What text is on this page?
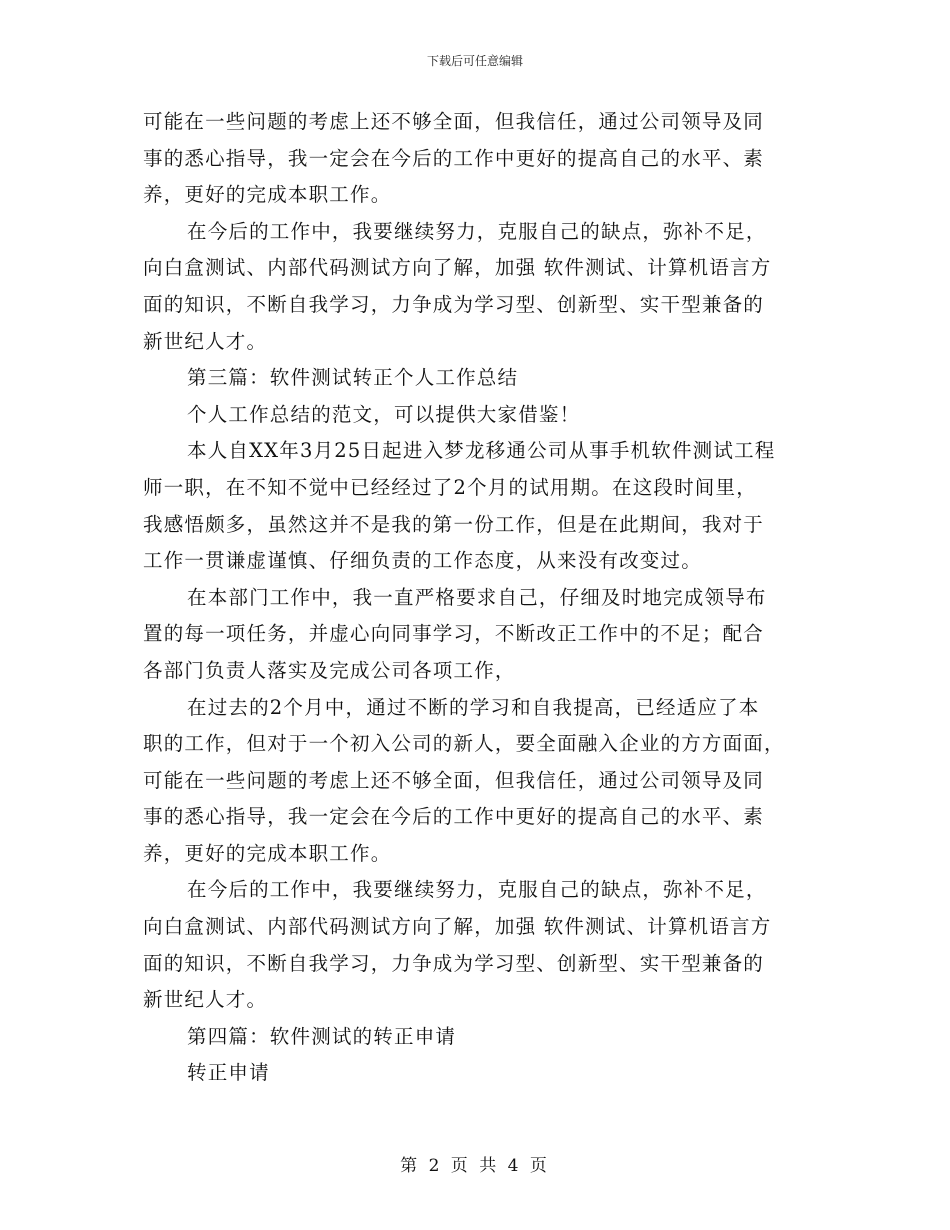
下载后可任意编辑
可能在一些问题的考虑上还不够全面，但我信任，通过公司领导及同
事的悉心指导，我一定会在今后的工作中更好的提高自己的水平、素
养，更好的完成本职工作。
在今后的工作中，我要继续努力，克服自己的缺点，弥补不足，
向白盒测试、内部代码测试方向了解，加强 软件测试、计算机语言方
面的知识，不断自我学习，力争成为学习型、创新型、实干型兼备的
新世纪人才。
第三篇：软件测试转正个人工作总结
个人工作总结的范文，可以提供大家借鉴！
本人自XX年3月25日起进入梦龙移通公司从事手机软件测试工程
师一职，在不知不觉中已经经过了2个月的试用期。在这段时间里，
我感悟颇多，虽然这并不是我的第一份工作，但是在此期间，我对于
工作一贯谦虚谨慎、仔细负责的工作态度，从来没有改变过。
在本部门工作中，我一直严格要求自己，仔细及时地完成领导布
置的每一项任务，并虚心向同事学习，不断改正工作中的不足；配合
各部门负责人落实及完成公司各项工作，
在过去的2个月中，通过不断的学习和自我提高，已经适应了本
职的工作，但对于一个初入公司的新人，要全面融入企业的方方面面，
可能在一些问题的考虑上还不够全面，但我信任，通过公司领导及同
事的悉心指导，我一定会在今后的工作中更好的提高自己的水平、素
养，更好的完成本职工作。
在今后的工作中，我要继续努力，克服自己的缺点，弥补不足，
向白盒测试、内部代码测试方向了解，加强 软件测试、计算机语言方
面的知识，不断自我学习，力争成为学习型、创新型、实干型兼备的
新世纪人才。
第四篇：软件测试的转正申请
转正申请
第 2 页 共 4 页
